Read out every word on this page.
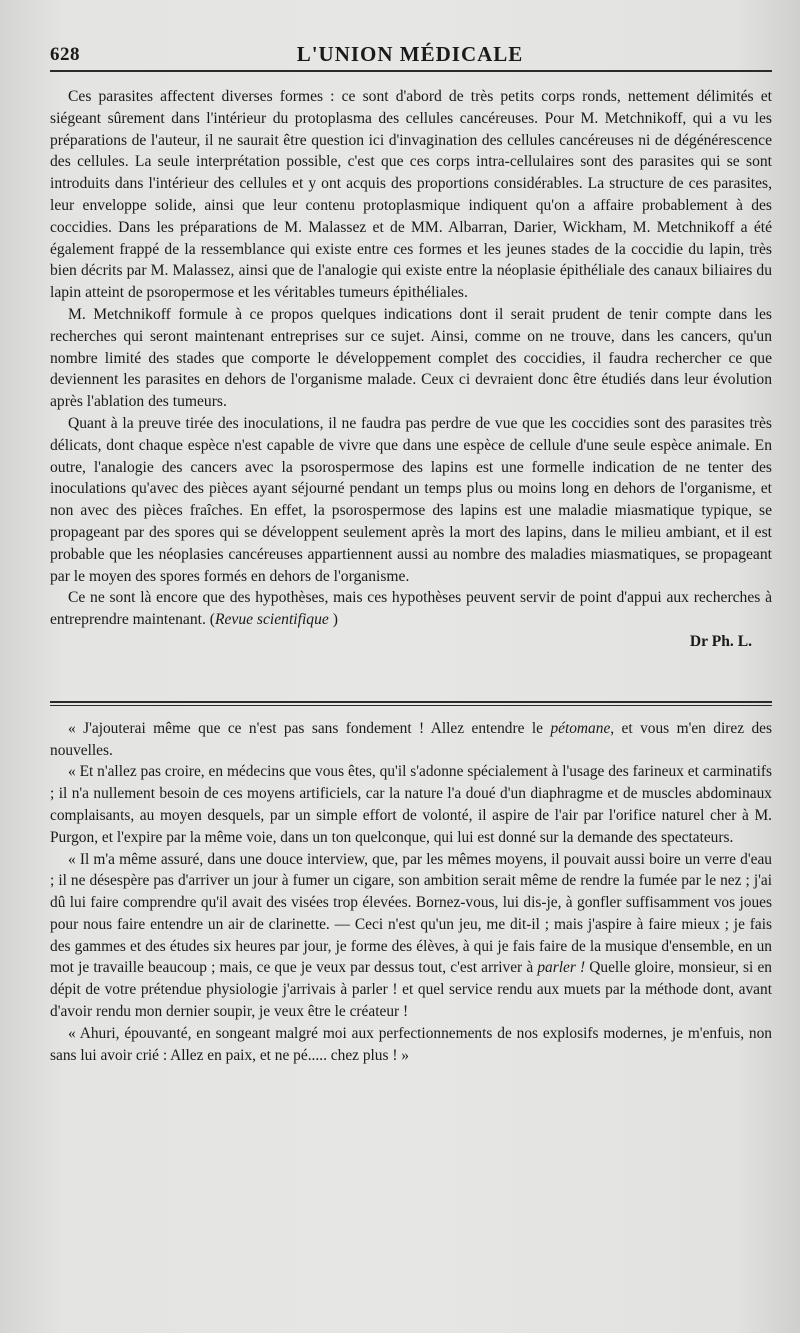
628	L'UNION MÉDICALE

Ces parasites affectent diverses formes : ce sont d'abord de très petits corps ronds, nettement délimités et siégeant sûrement dans l'intérieur du protoplasma des cellules cancéreuses. Pour M. Metchnikoff, qui a vu les préparations de l'auteur, il ne saurait être question ici d'invagination des cellules cancéreuses ni de dégénérescence des cellules. La seule interprétation possible, c'est que ces corps intra-cellulaires sont des parasites qui se sont introduits dans l'intérieur des cellules et y ont acquis des proportions considérables. La structure de ces parasites, leur enveloppe solide, ainsi que leur contenu protoplasmique indiquent qu'on a affaire probablement à des coccidies. Dans les préparations de M. Malassez et de MM. Albarran, Darier, Wickham, M. Metchnikoff a été également frappé de la ressemblance qui existe entre ces formes et les jeunes stades de la coccidie du lapin, très bien décrits par M. Malassez, ainsi que de l'analogie qui existe entre la néoplasie épithéliale des canaux biliaires du lapin atteint de psoropermose et les véritables tumeurs épithéliales.

M. Metchnikoff formule à ce propos quelques indications dont il serait prudent de tenir compte dans les recherches qui seront maintenant entreprises sur ce sujet. Ainsi, comme on ne trouve, dans les cancers, qu'un nombre limité des stades que comporte le développement complet des coccidies, il faudra rechercher ce que deviennent les parasites en dehors de l'organisme malade. Ceux ci devraient donc être étudiés dans leur évolution après l'ablation des tumeurs.

Quant à la preuve tirée des inoculations, il ne faudra pas perdre de vue que les coccidies sont des parasites très délicats, dont chaque espèce n'est capable de vivre que dans une espèce de cellule d'une seule espèce animale. En outre, l'analogie des cancers avec la psorospermose des lapins est une formelle indication de ne tenter des inoculations qu'avec des pièces ayant séjourné pendant un temps plus ou moins long en dehors de l'organisme, et non avec des pièces fraîches. En effet, la psorospermose des lapins est une maladie miasmatique typique, se propageant par des spores qui se développent seulement après la mort des lapins, dans le milieu ambiant, et il est probable que les néoplasies cancéreuses appartiennent aussi au nombre des maladies miasmatiques, se propageant par le moyen des spores formés en dehors de l'organisme.

Ce ne sont là encore que des hypothèses, mais ces hypothèses peuvent servir de point d'appui aux recherches à entreprendre maintenant. (Revue scientifique )

Dr Ph. L.

« J'ajouterai même que ce n'est pas sans fondement ! Allez entendre le pétomane, et vous m'en direz des nouvelles.

« Et n'allez pas croire, en médecins que vous êtes, qu'il s'adonne spécialement à l'usage des farineux et carminatifs ; il n'a nullement besoin de ces moyens artificiels, car la nature l'a doué d'un diaphragme et de muscles abdominaux complaisants, au moyen desquels, par un simple effort de volonté, il aspire de l'air par l'orifice naturel cher à M. Purgon, et l'expire par la même voie, dans un ton quelconque, qui lui est donné sur la demande des spectateurs.

« Il m'a même assuré, dans une douce interview, que, par les mêmes moyens, il pouvait aussi boire un verre d'eau ; il ne désespère pas d'arriver un jour à fumer un cigare, son ambition serait même de rendre la fumée par le nez ; j'ai dû lui faire comprendre qu'il avait des visées trop élevées. Bornez-vous, lui dis-je, à gonfler suffisamment vos joues pour nous faire entendre un air de clarinette. — Ceci n'est qu'un jeu, me dit-il ; mais j'aspire à faire mieux ; je fais des gammes et des études six heures par jour, je forme des élèves, à qui je fais faire de la musique d'ensemble, en un mot je travaille beaucoup ; mais, ce que je veux par dessus tout, c'est arriver à parler ! Quelle gloire, monsieur, si en dépit de votre prétendue physiologie j'arrivais à parler ! et quel service rendu aux muets par la méthode dont, avant d'avoir rendu mon dernier soupir, je veux être le créateur !

« Ahuri, épouvanté, en songeant malgré moi aux perfectionnements de nos explosifs modernes, je m'enfuis, non sans lui avoir crié : Allez en paix, et ne pé..... chez plus ! »
